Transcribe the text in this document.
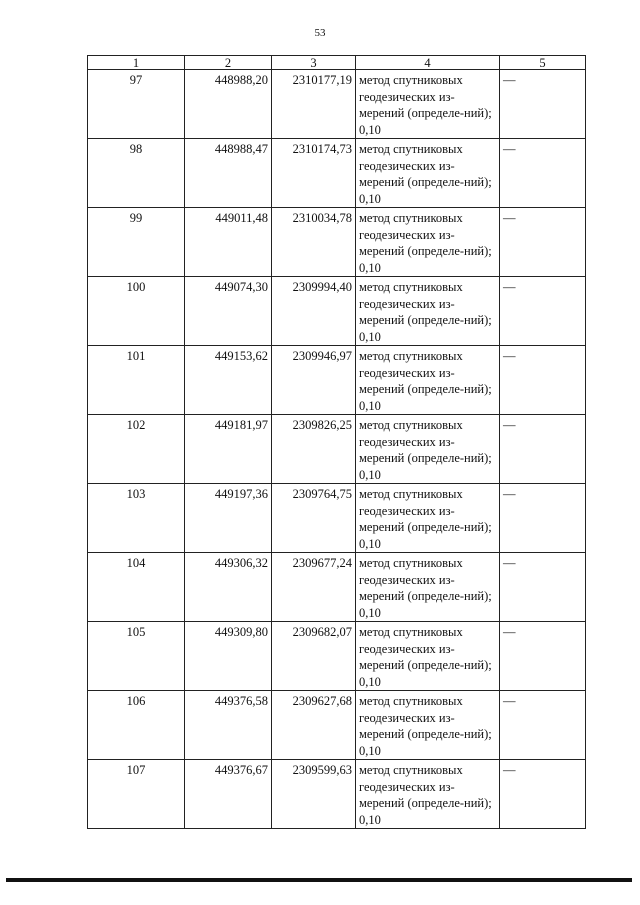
53
1	2	3	4	5
97	448988,20	2310177,19	метод спутниковых геодезических из-мерений (определе-ний); 0,10	—
98	448988,47	2310174,73	метод спутниковых геодезических из-мерений (определе-ний); 0,10	—
99	449011,48	2310034,78	метод спутниковых геодезических из-мерений (определе-ний); 0,10	—
100	449074,30	2309994,40	метод спутниковых геодезических из-мерений (определе-ний); 0,10	—
101	449153,62	2309946,97	метод спутниковых геодезических из-мерений (определе-ний); 0,10	—
102	449181,97	2309826,25	метод спутниковых геодезических из-мерений (определе-ний); 0,10	—
103	449197,36	2309764,75	метод спутниковых геодезических из-мерений (определе-ний); 0,10	—
104	449306,32	2309677,24	метод спутниковых геодезических из-мерений (определе-ний); 0,10	—
105	449309,80	2309682,07	метод спутниковых геодезических из-мерений (определе-ний); 0,10	—
106	449376,58	2309627,68	метод спутниковых геодезических из-мерений (определе-ний); 0,10	—
107	449376,67	2309599,63	метод спутниковых геодезических из-мерений (определе-ний); 0,10	—
